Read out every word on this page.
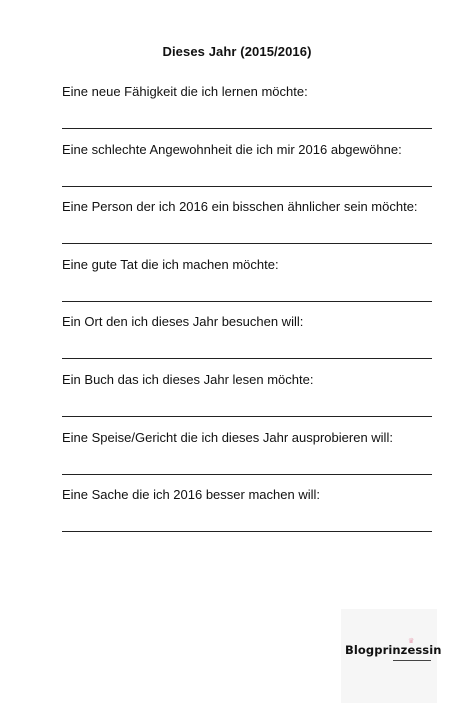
Dieses Jahr (2015/2016)
Eine neue Fähigkeit die ich lernen möchte:
Eine schlechte Angewohnheit die ich mir 2016 abgewöhne:
Eine Person der ich 2016 ein bisschen ähnlicher sein möchte:
Eine gute Tat die ich machen möchte:
Ein Ort den ich dieses Jahr besuchen will:
Ein Buch das ich dieses Jahr lesen möchte:
Eine Speise/Gericht die ich dieses Jahr ausprobieren will:
Eine Sache die ich 2016 besser machen will:
♛
Blogprinzessin
